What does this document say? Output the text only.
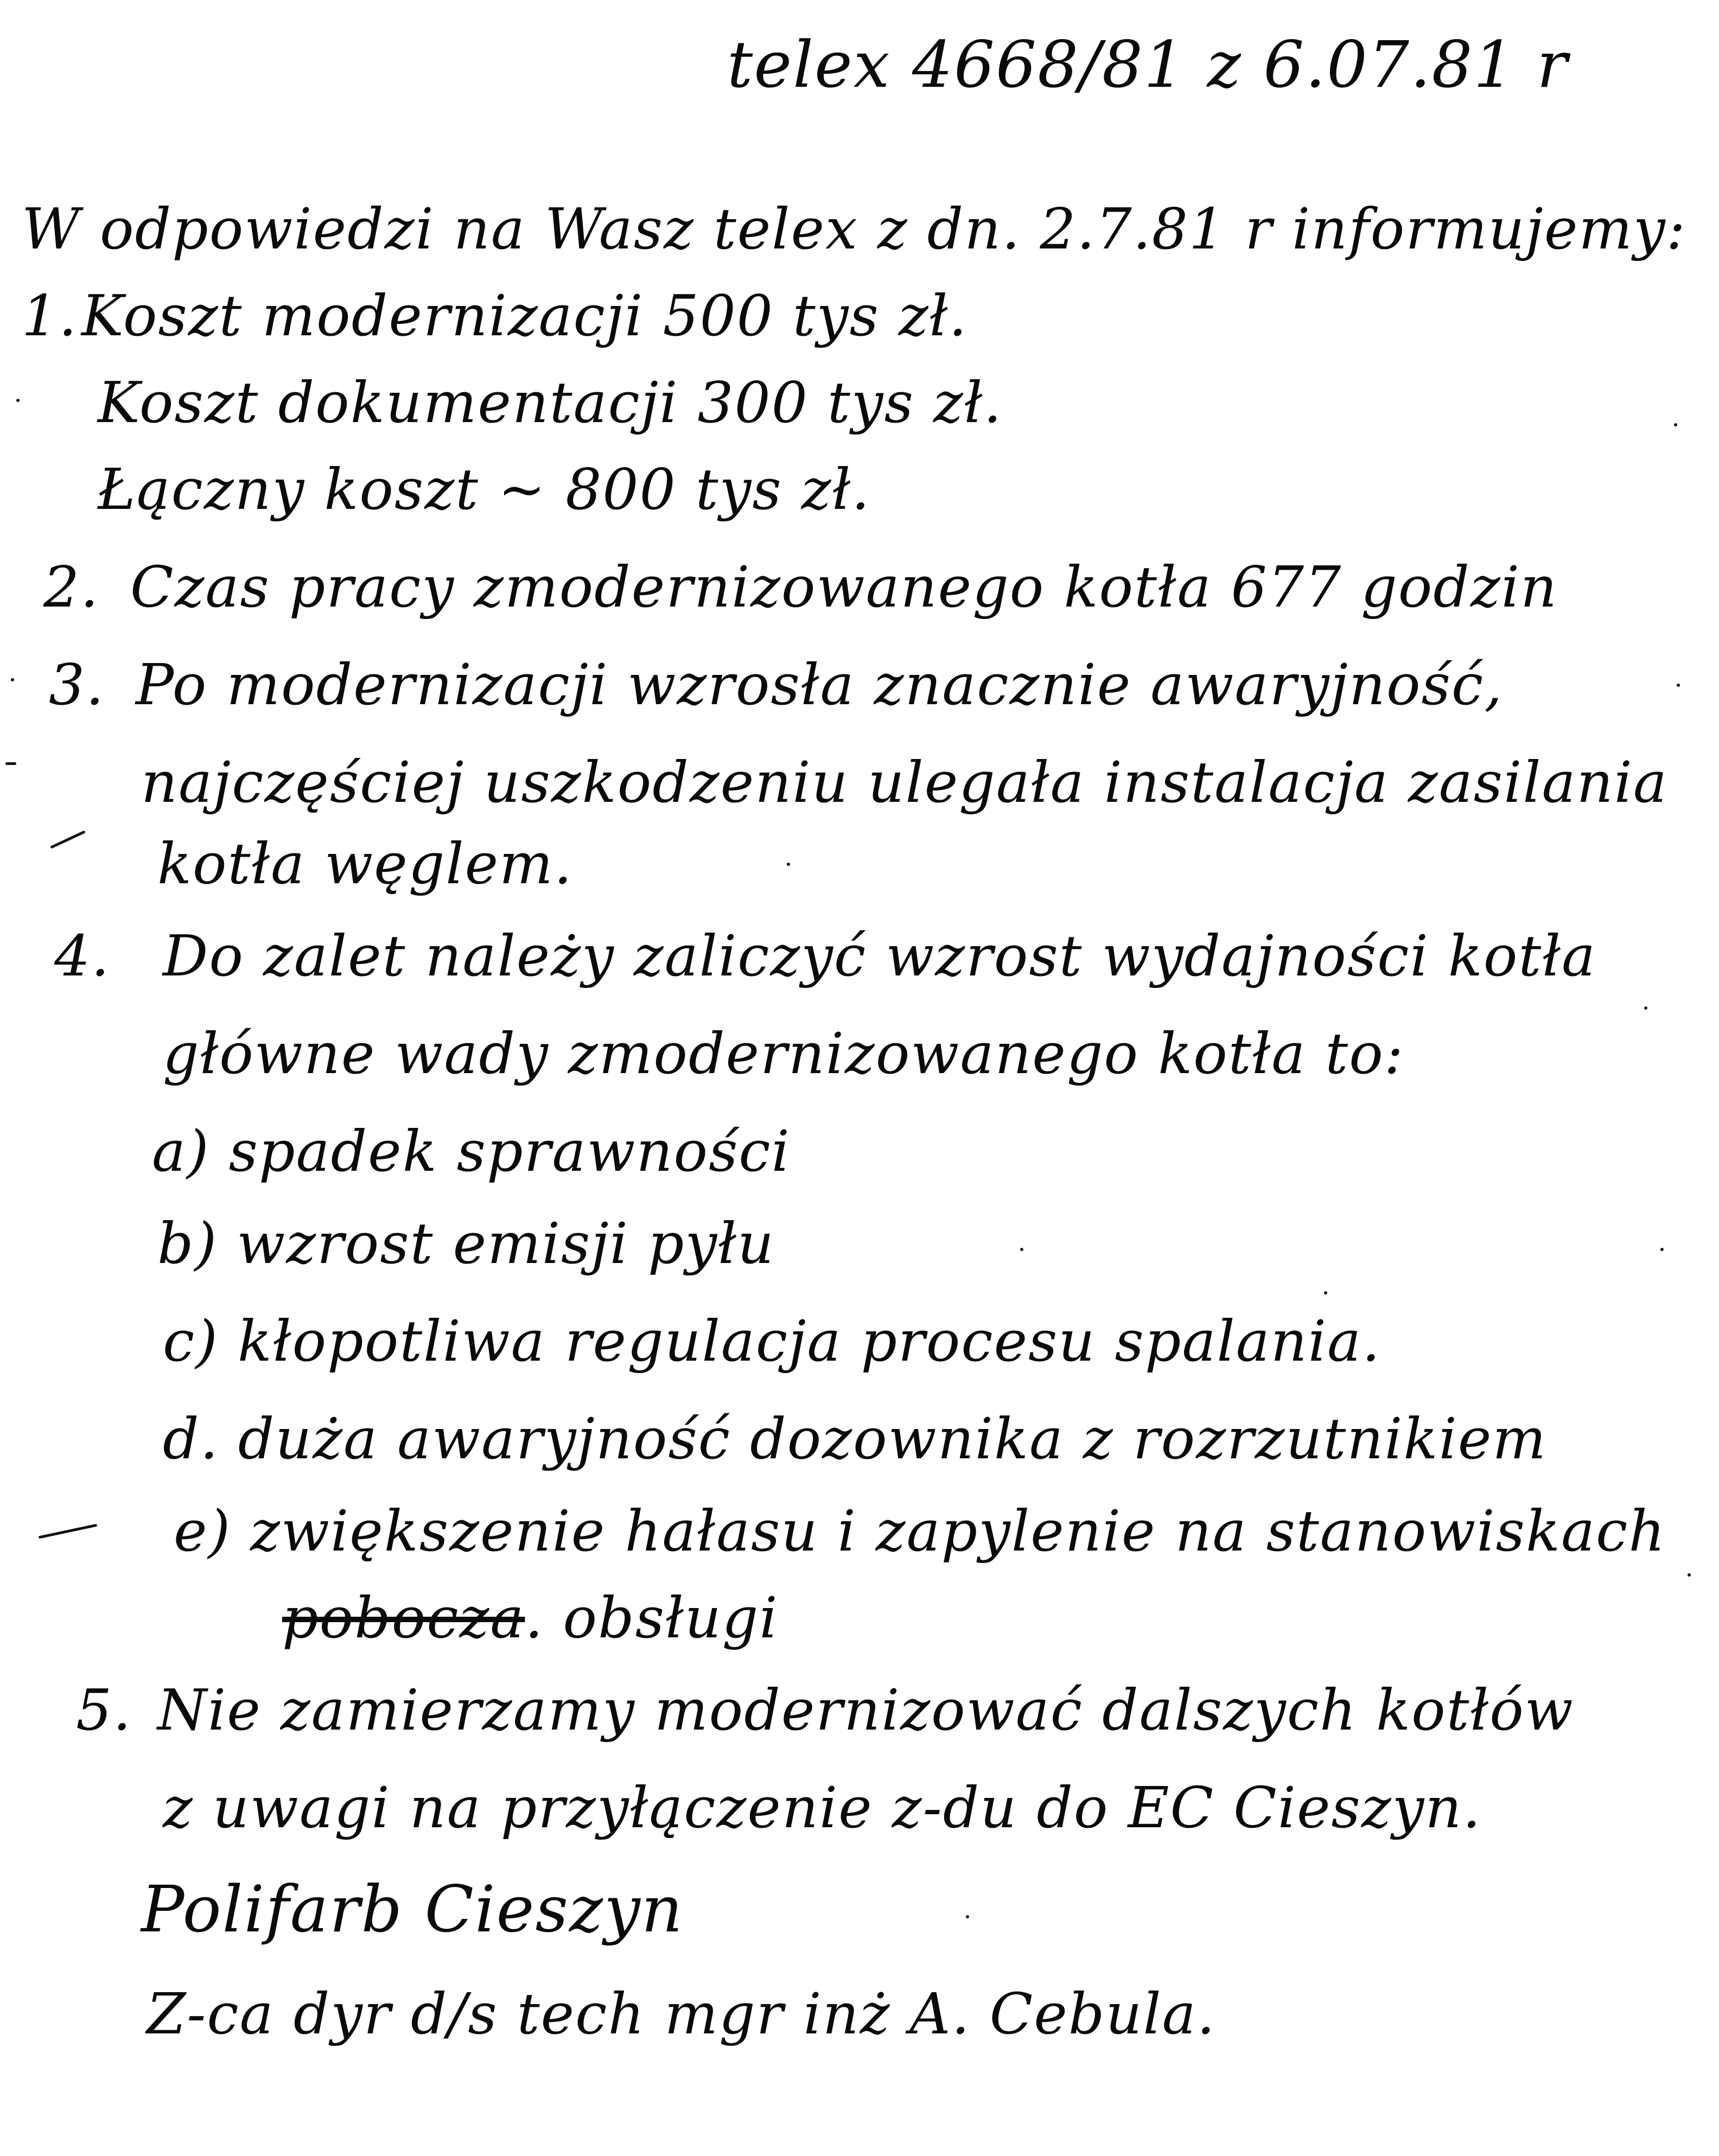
telex 4668/81 z 6.07.81 r
W odpowiedzi na Wasz telex z dn. 2.7.81 r informujemy:
1. Koszt modernizacji 500 tys zł.
Koszt dokumentacji 300 tys zł.
Łączny koszt ~ 800 tys zł.
2. Czas pracy zmodernizowanego kotła 677 godzin
3. Po modernizacji wzrosła znacznie awaryjność,
najczęściej uszkodzeniu ulegała instalacja zasilania
kotła węglem.
4. Do zalet należy zaliczyć wzrost wydajności kotła
główne wady zmodernizowanego kotła to:
a) spadek sprawności
b) wzrost emisji pyłu
c) kłopotliwa regulacja procesu spalania.
d. duża awaryjność dozownika z rozrzutnikiem
e) zwiększenie hałasu i zapylenie na stanowiskach
pobocza. obsługi
5. Nie zamierzamy modernizować dalszych kotłów
z uwagi na przyłączenie z-du do EC Cieszyn.
Polifarb Cieszyn
Z-ca dyr d/s tech mgr inż A. Cebula.
